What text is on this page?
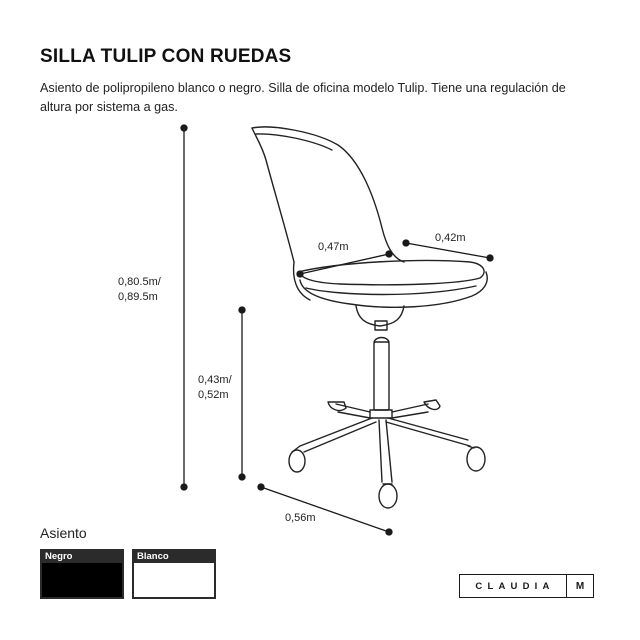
SILLA TULIP CON RUEDAS

Asiento de polipropileno blanco o negro. Silla de oficina modelo Tulip. Tiene una regulación de altura por sistema a gas.

0,80.5m/
0,89.5m
0,43m/
0,52m
0,47m
0,42m
0,56m
Asiento
Negro	Blanco
CLAUDIA	M
